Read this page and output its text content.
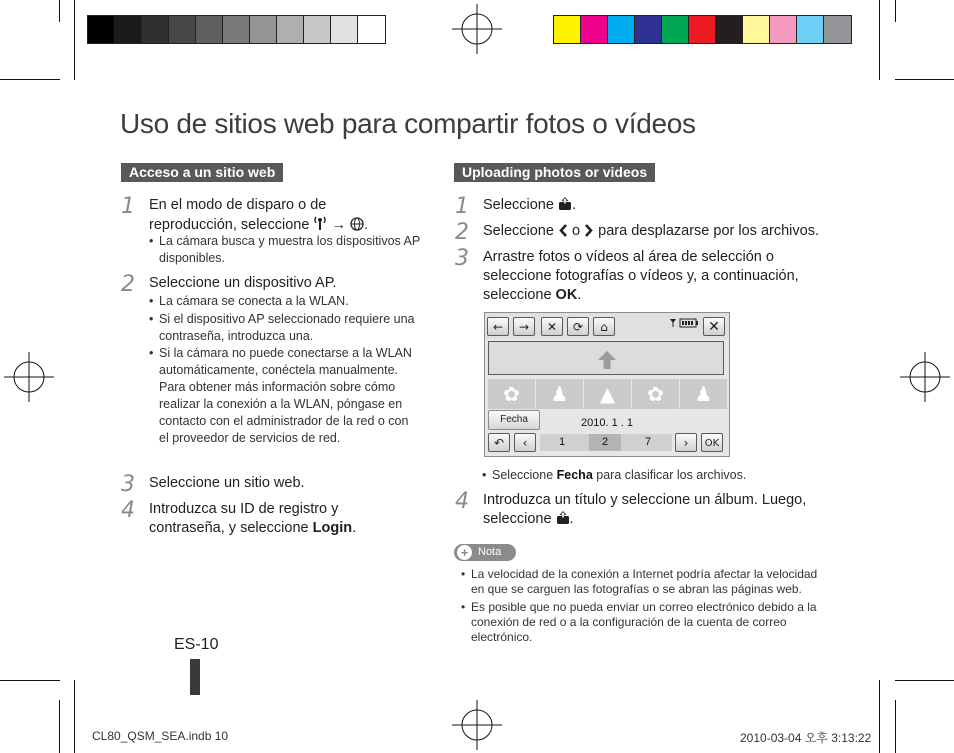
Uso de sitios web para compartir fotos o vídeos
Acceso a un sitio web
1 En el modo de disparo o de
reproducción, seleccione → .
• La cámara busca y muestra los dispositivos AP disponibles.
2 Seleccione un dispositivo AP.
• La cámara se conecta a la WLAN.
• Si el dispositivo AP seleccionado requiere una contraseña, introduzca una.
• Si la cámara no puede conectarse a la WLAN automáticamente, conéctela manualmente. Para obtener más información sobre cómo realizar la conexión a la WLAN, póngase en contacto con el administrador de la red o con el proveedor de servicios de red.
3 Seleccione un sitio web.
4 Introduzca su ID de registro y
contraseña, y seleccione Login.
ES-10
Uploading photos or videos
1 Seleccione .
2 Seleccione o para desplazarse por los archivos.
3 Arrastre fotos o vídeos al área de selección o
seleccione fotografías o vídeos y, a continuación,
seleccione OK.
←	→	✕	⟳	⌂	✕
✿	♟	▲	✿	♟
Fecha	2010. 1 . 1
↶	‹	1	2	7	›	OK
• Seleccione Fecha para clasificar los archivos.
4 Introduzca un título y seleccione un álbum. Luego,
seleccione .
+ Nota
• La velocidad de la conexión a Internet podría afectar la velocidad en que se carguen las fotografías o se abran las páginas web.
• Es posible que no pueda enviar un correo electrónico debido a la conexión de red o a la configuración de la cuenta de correo electrónico.
CL80_QSM_SEA.indb 10	2010-03-04 오후 3:13:22
